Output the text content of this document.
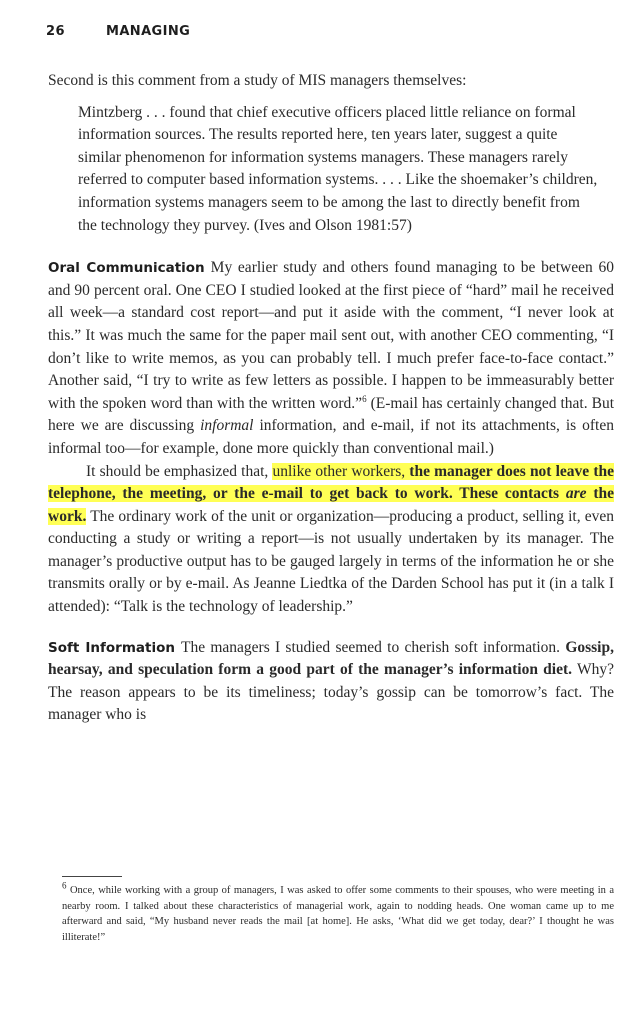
26	MANAGING

Second is this comment from a study of MIS managers themselves:

Mintzberg . . . found that chief executive officers placed little reliance on formal information sources. The results reported here, ten years later, suggest a quite similar phenomenon for information systems managers. These managers rarely referred to computer based information systems. . . . Like the shoemaker’s children, information systems managers seem to be among the last to directly benefit from the technology they purvey. (Ives and Olson 1981:57)

Oral Communication My earlier study and others found managing to be between 60 and 90 percent oral. One CEO I studied looked at the first piece of “hard” mail he received all week—a standard cost report—and put it aside with the comment, “I never look at this.” It was much the same for the paper mail sent out, with another CEO commenting, “I don’t like to write memos, as you can probably tell. I much prefer face-to-face contact.” Another said, “I try to write as few letters as possible. I happen to be immeasurably better with the spoken word than with the written word.”$^6$ (E-mail has certainly changed that. But here we are discussing informal information, and e-mail, if not its attachments, is often informal too—for example, done more quickly than conventional mail.)

It should be emphasized that, unlike other workers, the manager does not leave the telephone, the meeting, or the e-mail to get back to work. These contacts are the work. The ordinary work of the unit or organization—producing a product, selling it, even conducting a study or writing a report—is not usually undertaken by its manager. The manager’s productive output has to be gauged largely in terms of the information he or she transmits orally or by e-mail. As Jeanne Liedtka of the Darden School has put it (in a talk I attended): “Talk is the technology of leadership.”

Soft Information The managers I studied seemed to cherish soft information. Gossip, hearsay, and speculation form a good part of the manager’s information diet. Why? The reason appears to be its timeliness; today’s gossip can be tomorrow’s fact. The manager who is

$^6$ Once, while working with a group of managers, I was asked to offer some comments to their spouses, who were meeting in a nearby room. I talked about these characteristics of managerial work, again to nodding heads. One woman came up to me afterward and said, “My husband never reads the mail [at home]. He asks, ‘What did we get today, dear?’ I thought he was illiterate!”
